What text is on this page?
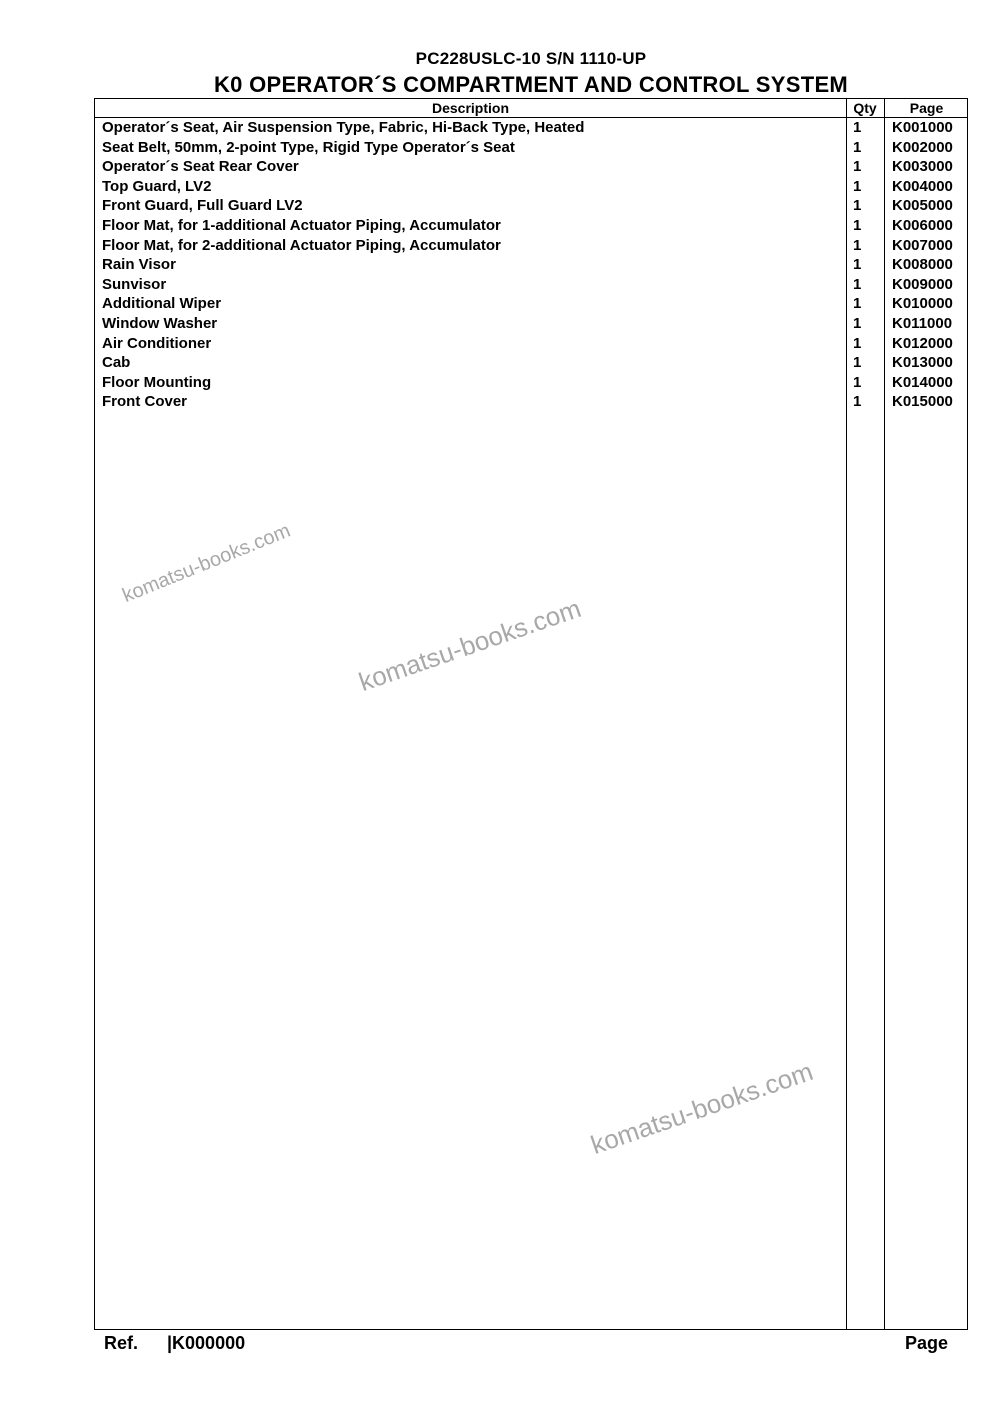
PC228USLC-10 S/N 1110-UP
K0 OPERATOR´S COMPARTMENT AND CONTROL SYSTEM
Description	Qty	Page
Operator´s Seat, Air Suspension Type, Fabric, Hi-Back Type, Heated	1	K001000
Seat Belt, 50mm, 2-point Type, Rigid Type Operator´s Seat	1	K002000
Operator´s Seat Rear Cover	1	K003000
Top Guard, LV2	1	K004000
Front Guard, Full Guard LV2	1	K005000
Floor Mat, for 1-additional Actuator Piping, Accumulator	1	K006000
Floor Mat, for 2-additional Actuator Piping, Accumulator	1	K007000
Rain Visor	1	K008000
Sunvisor	1	K009000
Additional Wiper	1	K010000
Window Washer	1	K011000
Air Conditioner	1	K012000
Cab	1	K013000
Floor Mounting	1	K014000
Front Cover	1	K015000
Ref. |K000000	Page
komatsu-books.com
komatsu-books.com
komatsu-books.com
